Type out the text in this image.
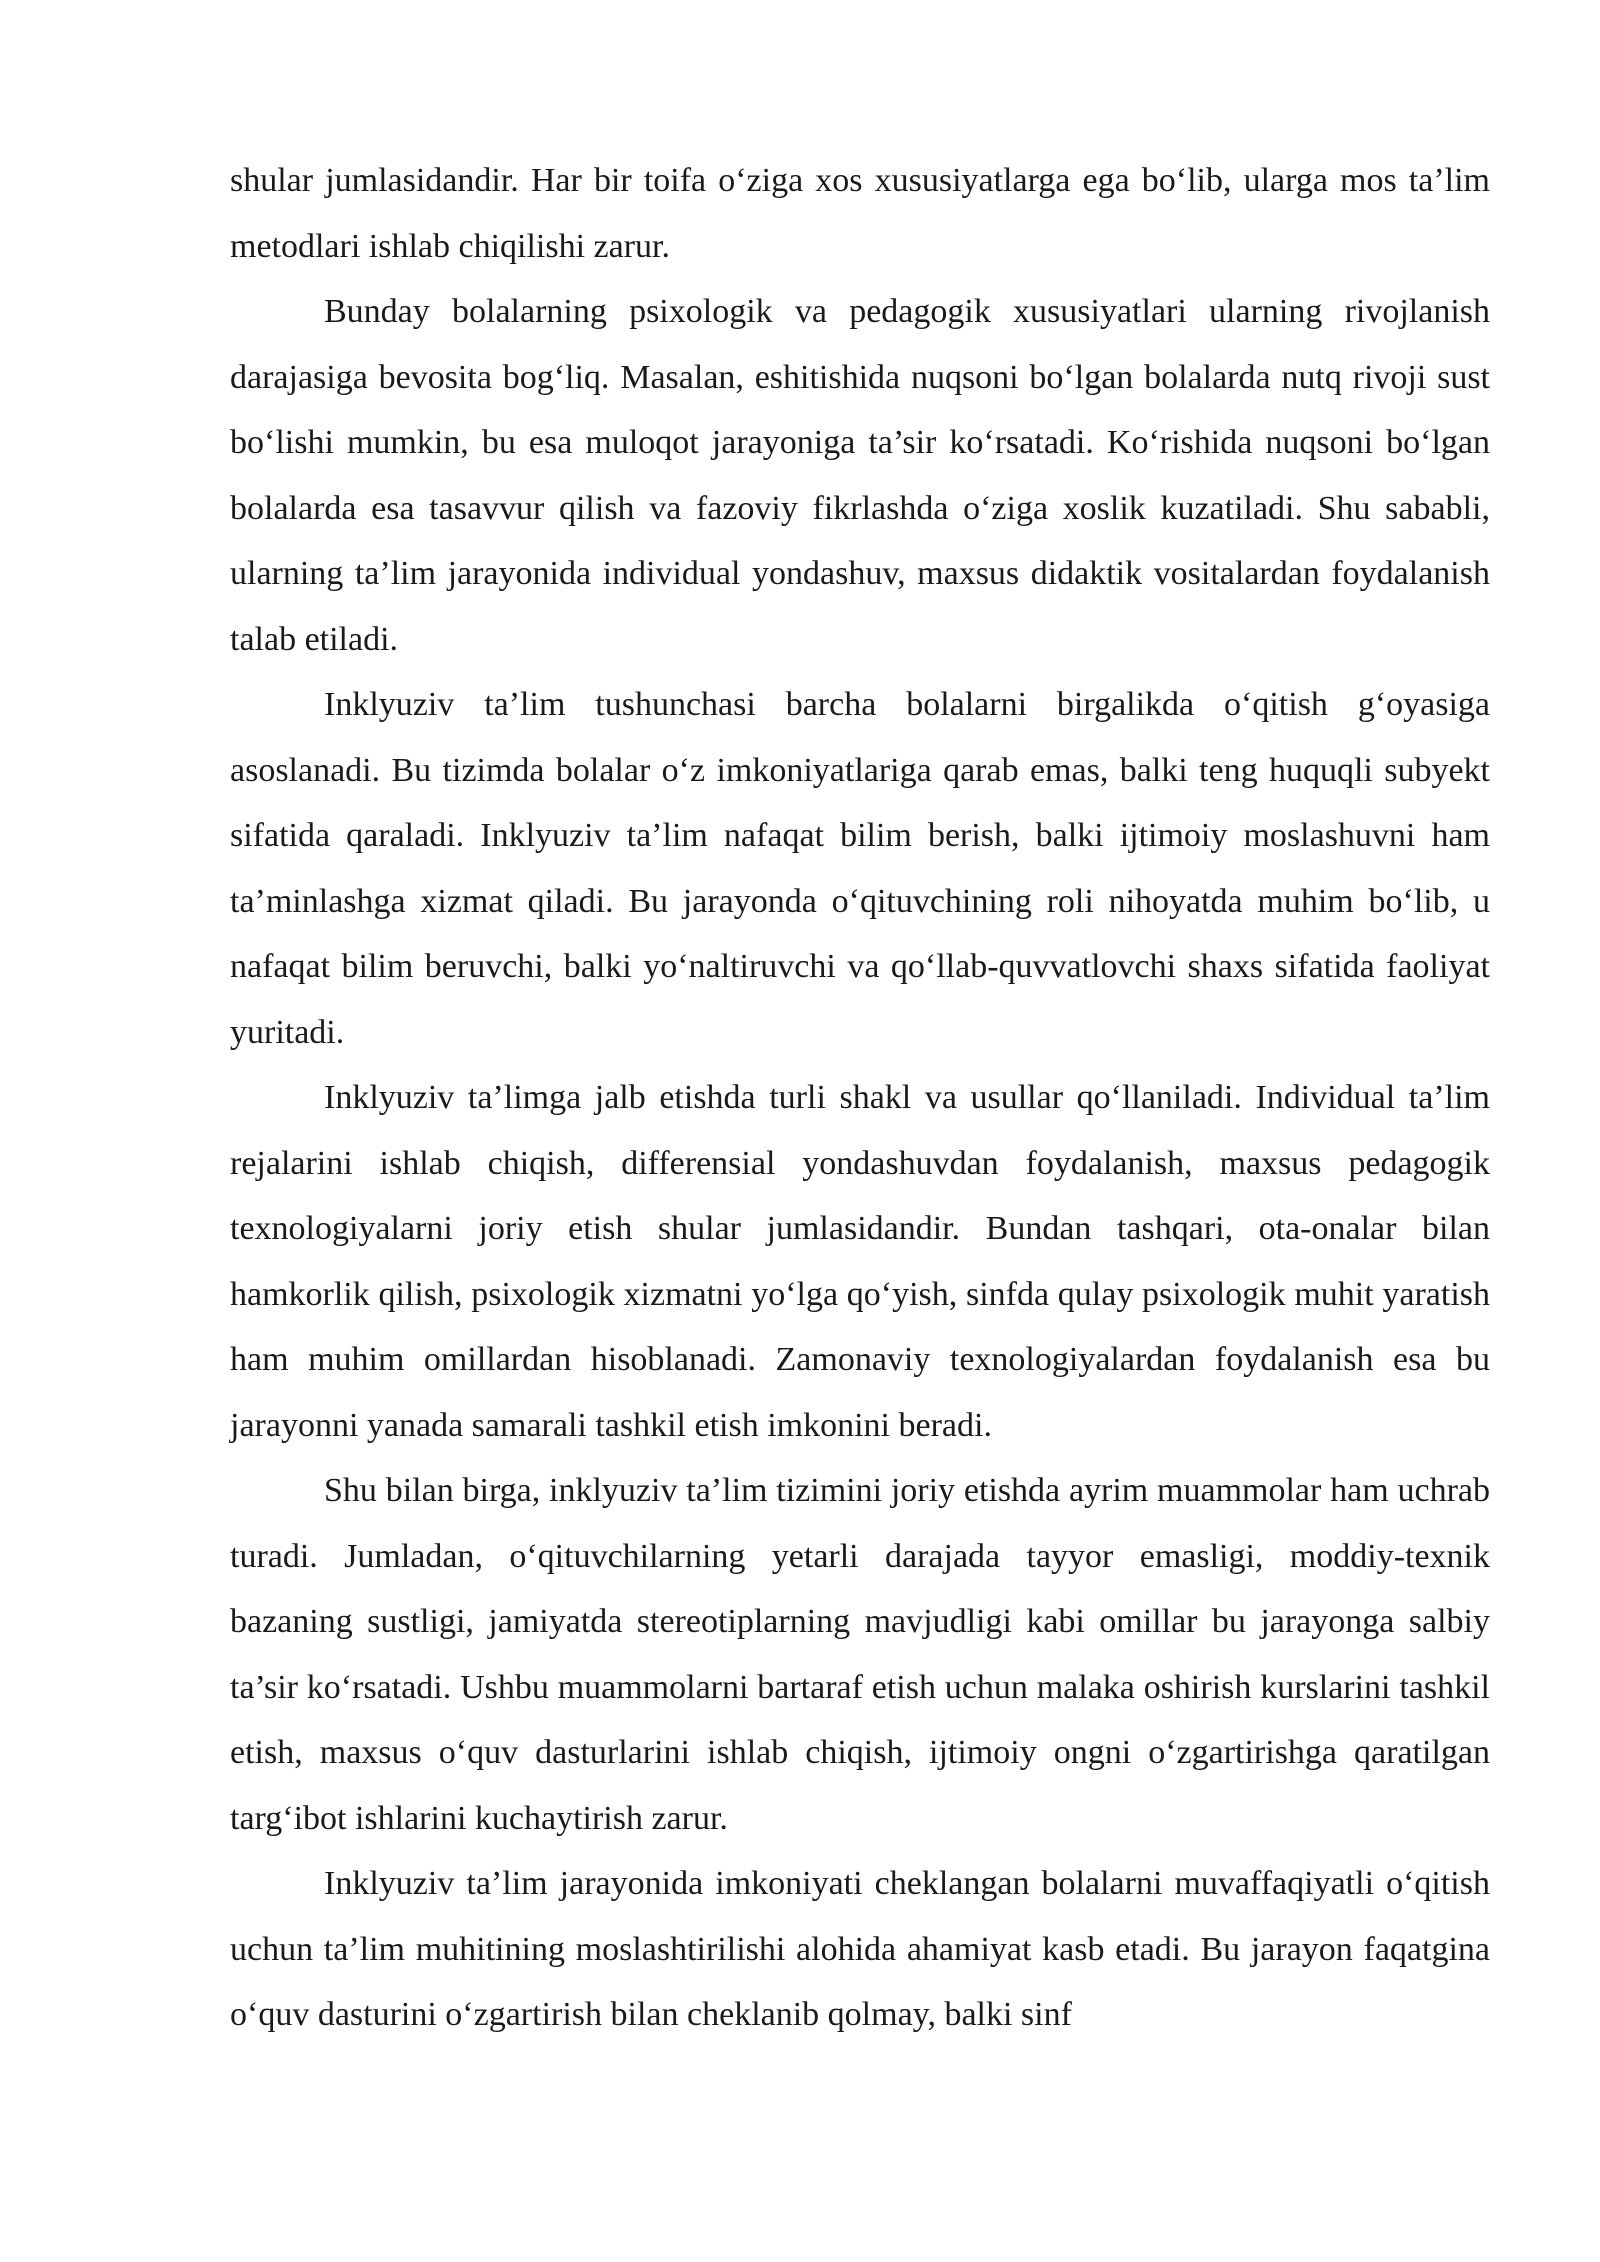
shular jumlasidandir. Har bir toifa o‘ziga xos xususiyatlarga ega bo‘lib, ularga mos ta’lim metodlari ishlab chiqilishi zarur.

Bunday bolalarning psixologik va pedagogik xususiyatlari ularning rivojlanish darajasiga bevosita bog‘liq. Masalan, eshitishida nuqsoni bo‘lgan bolalarda nutq rivoji sust bo‘lishi mumkin, bu esa muloqot jarayoniga ta’sir ko‘rsatadi. Ko‘rishida nuqsoni bo‘lgan bolalarda esa tasavvur qilish va fazoviy fikrlashda o‘ziga xoslik kuzatiladi. Shu sababli, ularning ta’lim jarayonida individual yondashuv, maxsus didaktik vositalardan foydalanish talab etiladi.

Inklyuziv ta’lim tushunchasi barcha bolalarni birgalikda o‘qitish g‘oyasiga asoslanadi. Bu tizimda bolalar o‘z imkoniyatlariga qarab emas, balki teng huquqli subyekt sifatida qaraladi. Inklyuziv ta’lim nafaqat bilim berish, balki ijtimoiy moslashuvni ham ta’minlashga xizmat qiladi. Bu jarayonda o‘qituvchining roli nihoyatda muhim bo‘lib, u nafaqat bilim beruvchi, balki yo‘naltiruvchi va qo‘llab-quvvatlovchi shaxs sifatida faoliyat yuritadi.

Inklyuziv ta’limga jalb etishda turli shakl va usullar qo‘llaniladi. Individual ta’lim rejalarini ishlab chiqish, differensial yondashuvdan foydalanish, maxsus pedagogik texnologiyalarni joriy etish shular jumlasidandir. Bundan tashqari, ota-onalar bilan hamkorlik qilish, psixologik xizmatni yo‘lga qo‘yish, sinfda qulay psixologik muhit yaratish ham muhim omillardan hisoblanadi. Zamonaviy texnologiyalardan foydalanish esa bu jarayonni yanada samarali tashkil etish imkonini beradi.

Shu bilan birga, inklyuziv ta’lim tizimini joriy etishda ayrim muammolar ham uchrab turadi. Jumladan, o‘qituvchilarning yetarli darajada tayyor emasligi, moddiy-texnik bazaning sustligi, jamiyatda stereotiplarning mavjudligi kabi omillar bu jarayonga salbiy ta’sir ko‘rsatadi. Ushbu muammolarni bartaraf etish uchun malaka oshirish kurslarini tashkil etish, maxsus o‘quv dasturlarini ishlab chiqish, ijtimoiy ongni o‘zgartirishga qaratilgan targ‘ibot ishlarini kuchaytirish zarur.

Inklyuziv ta’lim jarayonida imkoniyati cheklangan bolalarni muvaffaqiyatli o‘qitish uchun ta’lim muhitining moslashtirilishi alohida ahamiyat kasb etadi. Bu jarayon faqatgina o‘quv dasturini o‘zgartirish bilan cheklanib qolmay, balki sinf
